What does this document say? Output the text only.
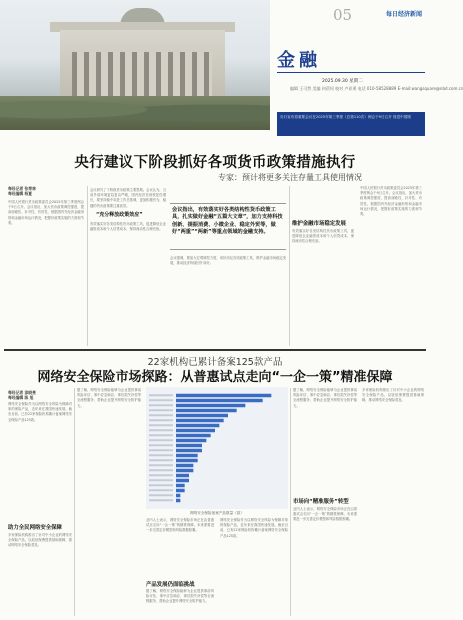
05	每日经济新闻
金融
2025.09.30 星期二
编辑 王可然 美编 何蓓坷 校对 卢祥勇 电话 010-58528889 E-mail:wangsquare@nbd.com.cn
央行宣布将重要会议在2025年第三季度（总第110次）例会于9日召开 视觉中国图
央行建议下阶段抓好各项货币政策措施执行
专家：预计将更多关注存量工具使用情况
每经记者 张寿林
每经编辑 杨夏
中国人民银行货币政策委员会2025年第三季度例会于9日召开。会议指出，加大货币政策调控强度，提高前瞻性、针对性、有效性，根据国内外经济金融形势和金融市场运行情况，把握好政策实施的力度和节奏。
会议研究了下阶段货币政策主要思路。会议认为，当前外部环境更趋复杂严峻，国内经济呈现恢复性增长，要坚持稳中求进工作总基调，更加积极有为，稳健的货币政策要注重质效。
“充分释放政策效应”
有效落实好各类结构性货币政策工具，促进降低企业融资成本和个人信贷成本，保持流动性合理充裕。
会议指出，有效落实好各类结构性货币政策工具，扎实做好金融“五篇大文章”，加力支持科技创新、提振消费、小微企业、稳定外贸等，做好“两重”“两新”等重点领域的金融支持。
会议强调，要加大宏观调控力度，用好用足各项政策工具，维护金融市场稳定发展，推动经济持续回升向好。
维护金融市场稳定发展
有效落实好各类结构性货币政策工具，促进降低企业融资成本和个人信贷成本，保持流动性合理充裕。
中国人民银行货币政策委员会2025年第三季度例会于9日召开。会议指出，加大货币政策调控强度，提高前瞻性、针对性、有效性，根据国内外经济金融形势和金融市场运行情况，把握好政策实施的力度和节奏。
22家机构已累计备案125款产品
网络安全保险市场探路：从普惠试点走向“一企一策”精准保障
每经记者 涂晓亮
每经编辑 陈 旭
网络安全保险作为以网络安全风险为保障对象的保险产品，近年来在我国快速发展。截至目前，已有22家保险机构累计备案网络安全保险产品125款。
助力全民网络安全保障
多家保险机构推出了针对中小企业的网络安全保险产品，以较低保费提供基础保障，推动网络安全保险普及。
据了解，网络安全保险能够为企业提供事前风险评估、事中应急响应、事后损失补偿等全流程服务，帮助企业提升网络安全防护能力。
网络安全保险备案产品数量（款）
业内人士表示，网络安全保险市场正在由普惠试点走向“一企一策”的精准保障，未来需要进一步完善定价模型和风险数据积累。
产品发展仍面临挑战
据了解，网络安全保险能够为企业提供事前风险评估、事中应急响应、事后损失补偿等全流程服务，帮助企业提升网络安全防护能力。
网络安全保险作为以网络安全风险为保障对象的保险产品，近年来在我国快速发展。截至目前，已有22家保险机构累计备案网络安全保险产品125款。
据了解，网络安全保险能够为企业提供事前风险评估、事中应急响应、事后损失补偿等全流程服务，帮助企业提升网络安全防护能力。
市场向“精准服务”转型
业内人士表示，网络安全保险市场正在由普惠试点走向“一企一策”的精准保障，未来需要进一步完善定价模型和风险数据积累。
多家保险机构推出了针对中小企业的网络安全保险产品，以较低保费提供基础保障，推动网络安全保险普及。
